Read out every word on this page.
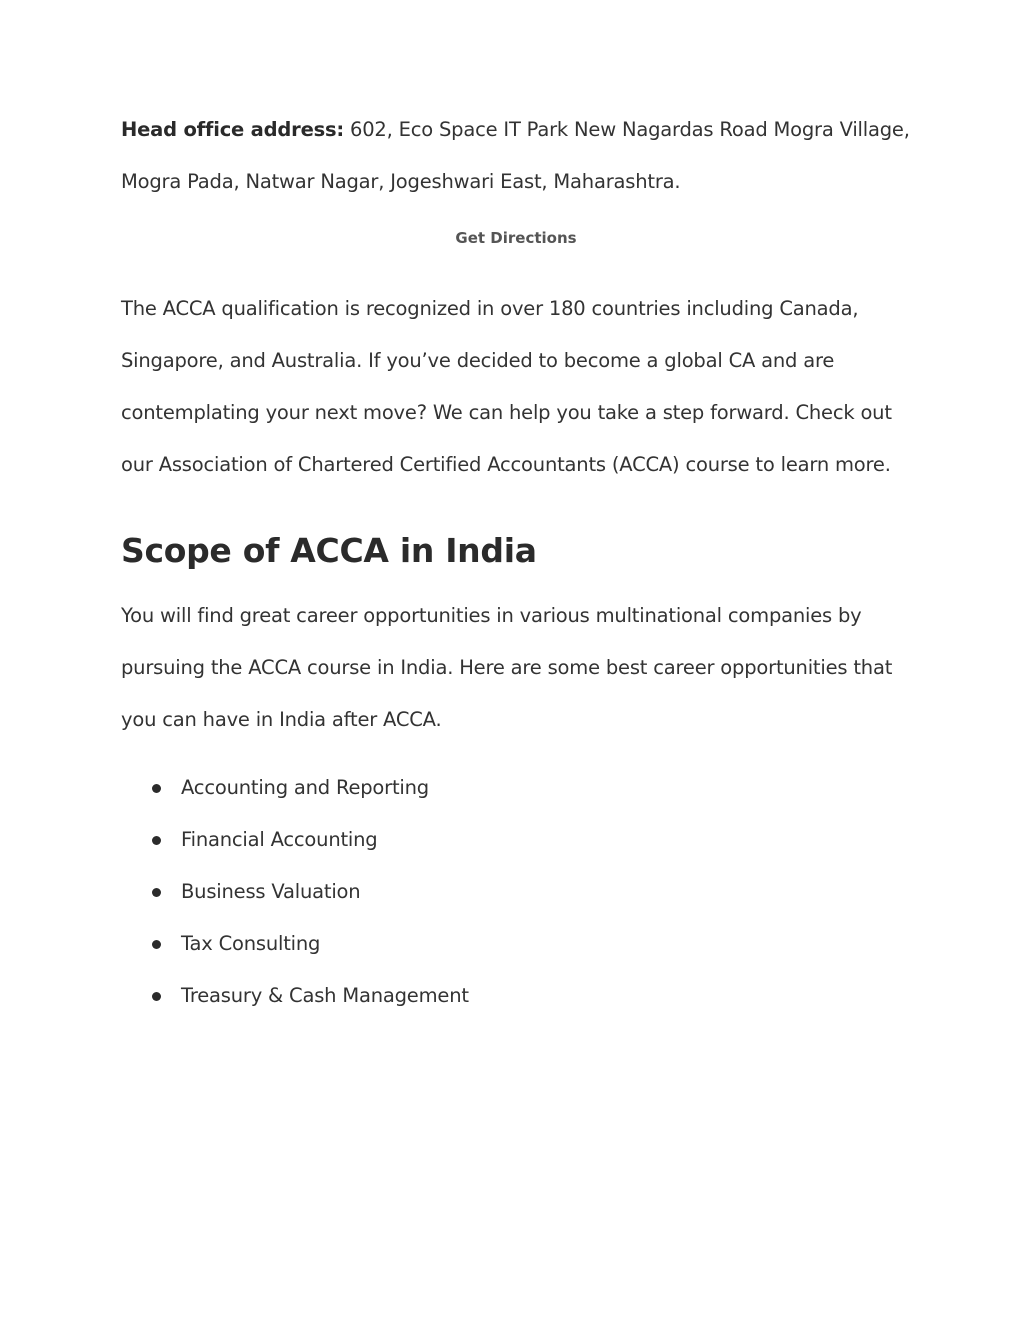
Head office address: 602, Eco Space IT Park New Nagardas Road Mogra Village, Mogra Pada, Natwar Nagar, Jogeshwari East, Maharashtra.

Get Directions

The ACCA qualification is recognized in over 180 countries including Canada, Singapore, and Australia. If you’ve decided to become a global CA and are contemplating your next move? We can help you take a step forward. Check out our Association of Chartered Certified Accountants (ACCA) course to learn more.

Scope of ACCA in India

You will find great career opportunities in various multinational companies by pursuing the ACCA course in India. Here are some best career opportunities that you can have in India after ACCA.

Accounting and Reporting
Financial Accounting
Business Valuation
Tax Consulting
Treasury & Cash Management
